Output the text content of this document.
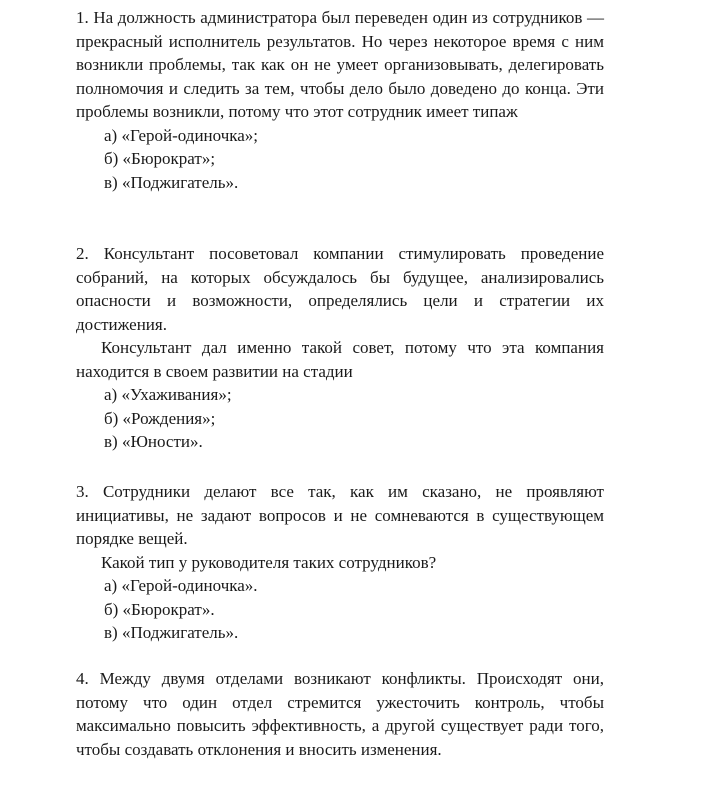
1. На должность администратора был переведен один из сотрудников — прекрасный исполнитель результатов. Но через некоторое время с ним возникли проблемы, так как он не умеет организовывать, делегировать полномочия и следить за тем, чтобы дело было доведено до конца. Эти проблемы возникли, потому что этот сотрудник имеет типаж

а) «Герой-одиночка»;
б) «Бюрократ»;
в) «Поджигатель».

2. Консультант посоветовал компании стимулировать проведение собраний, на которых обсуждалось бы будущее, анализировались опасности и возможности, определялись цели и стратегии их достижения.

Консультант дал именно такой совет, потому что эта компания находится в своем развитии на стадии

а) «Ухаживания»;
б) «Рождения»;
в) «Юности».

3. Сотрудники делают все так, как им сказано, не проявляют инициативы, не задают вопросов и не сомневаются в существующем порядке вещей.

Какой тип у руководителя таких сотрудников?

а) «Герой-одиночка».
б) «Бюрократ».
в) «Поджигатель».

4. Между двумя отделами возникают конфликты. Происходят они, потому что один отдел стремится ужесточить контроль, чтобы максимально повысить эффективность, а другой существует ради того, чтобы создавать отклонения и вносить изменения.
